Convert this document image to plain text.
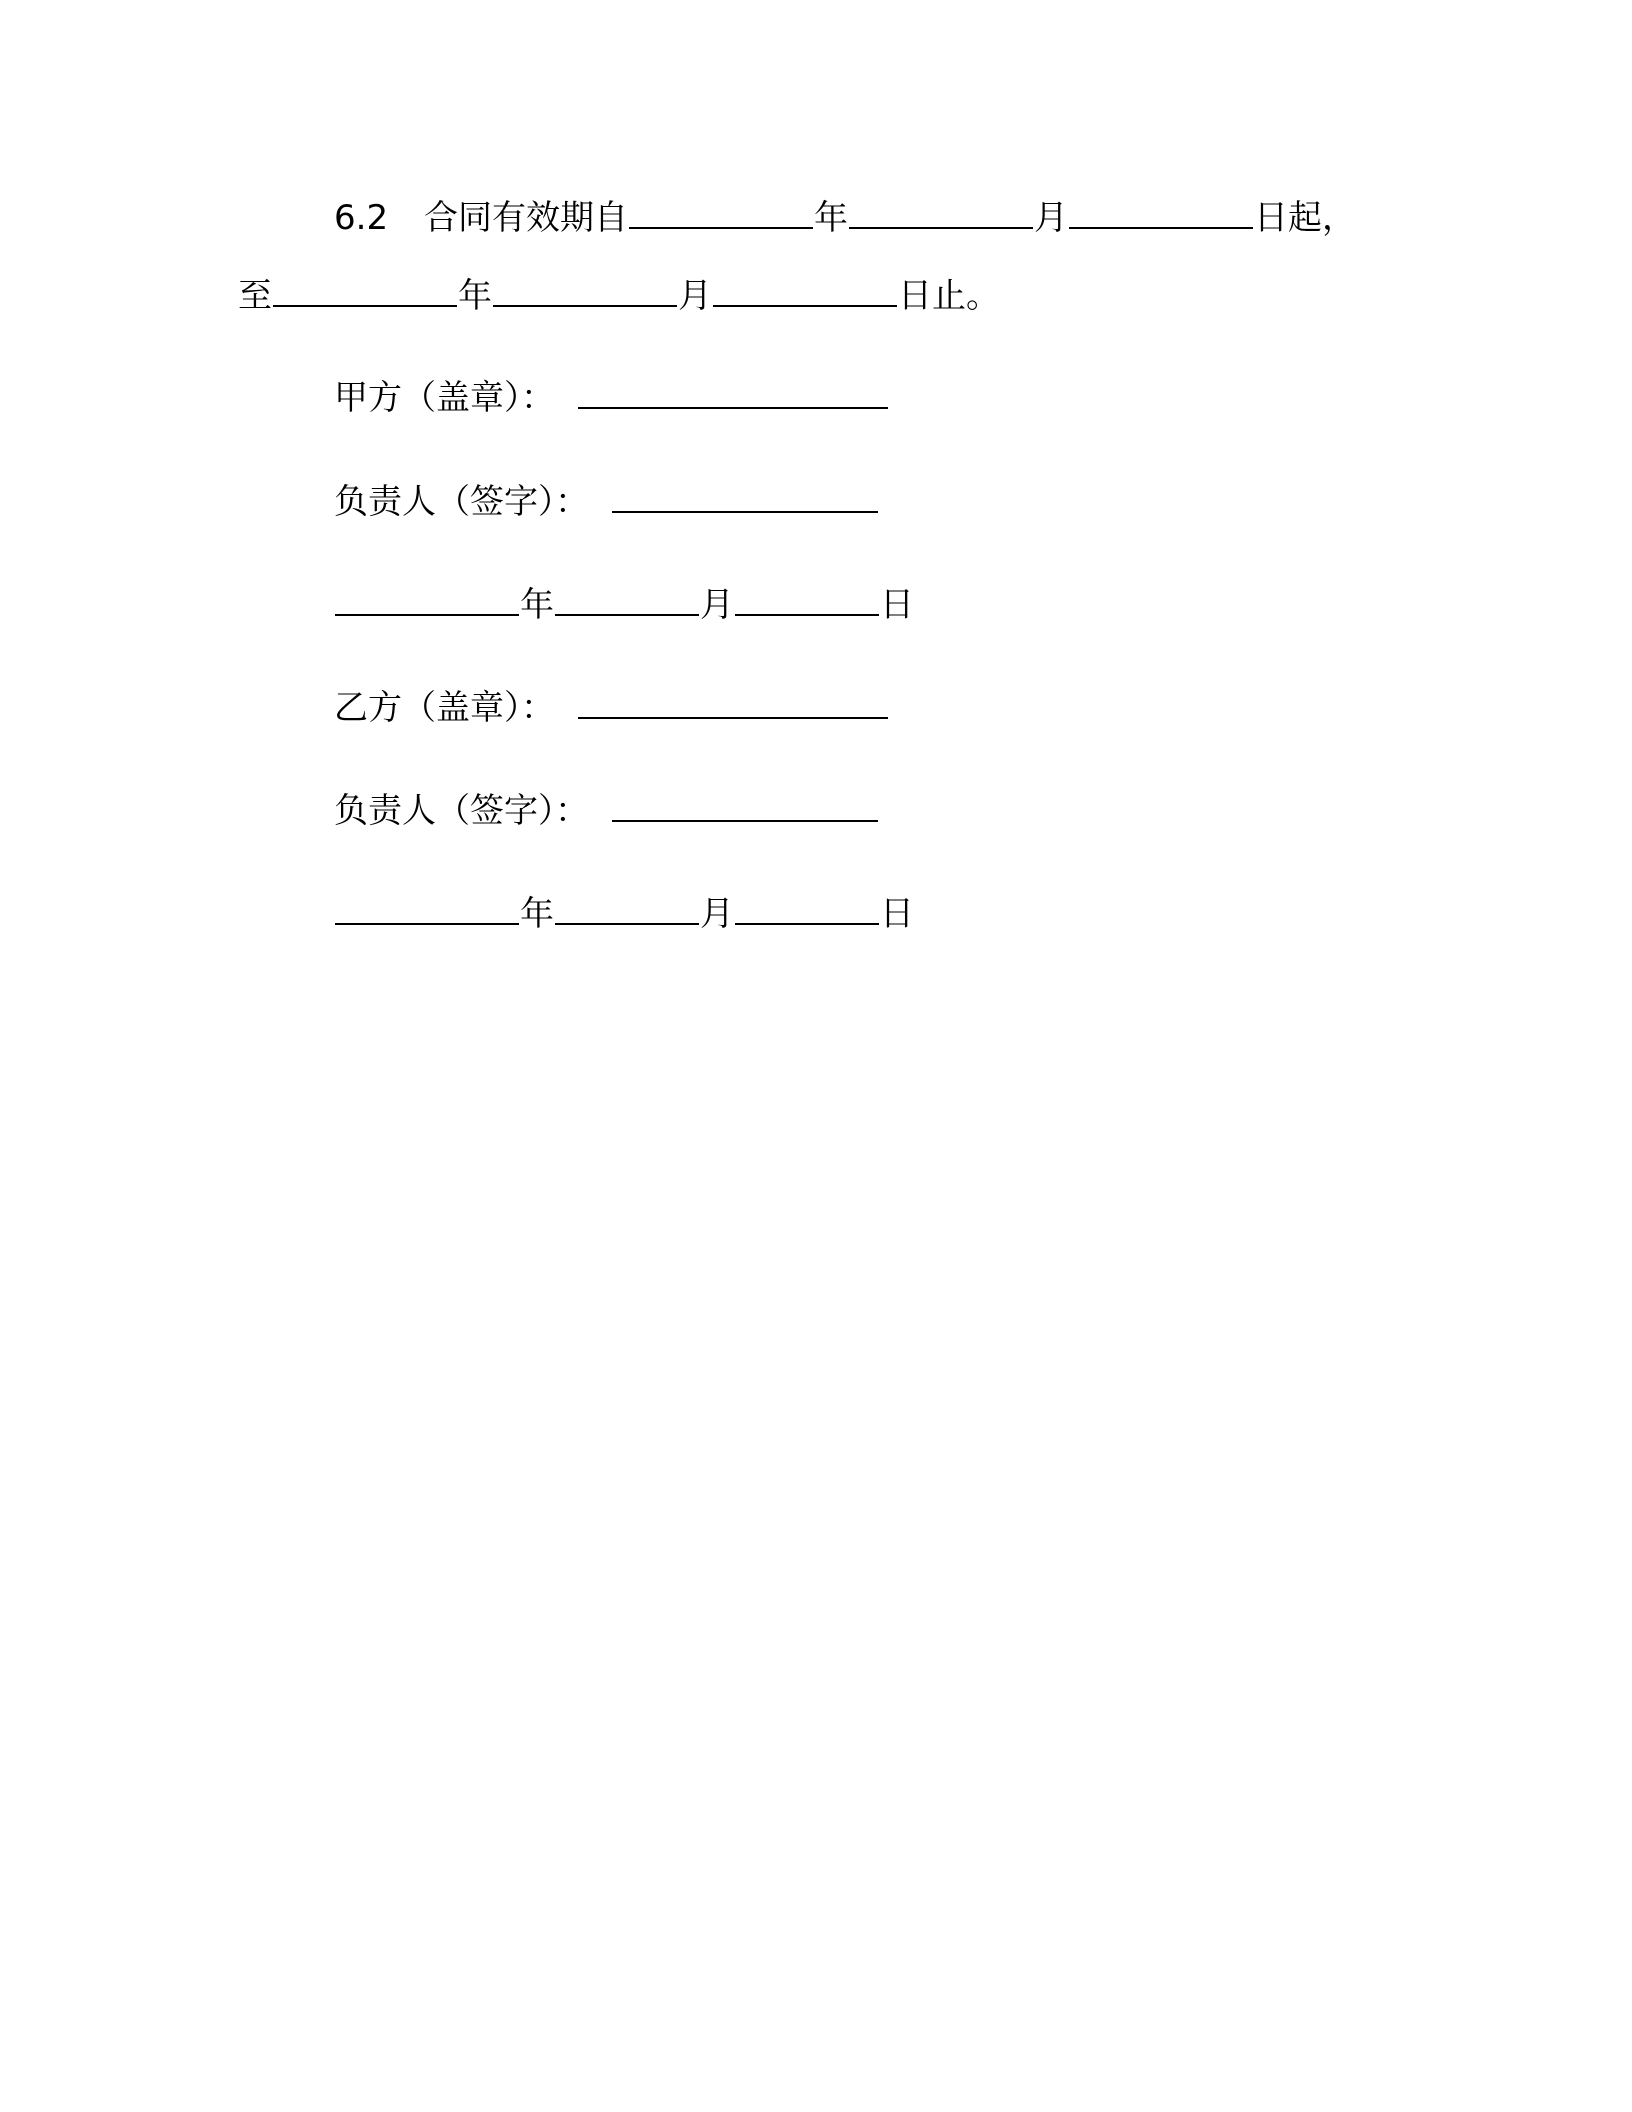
6.2 合同有效期自	年	月	日起，
至	年	月	日止。
甲方（盖章）：
负责人（签字）：
年	月	日
乙方（盖章）：
负责人（签字）：
年	月	日
